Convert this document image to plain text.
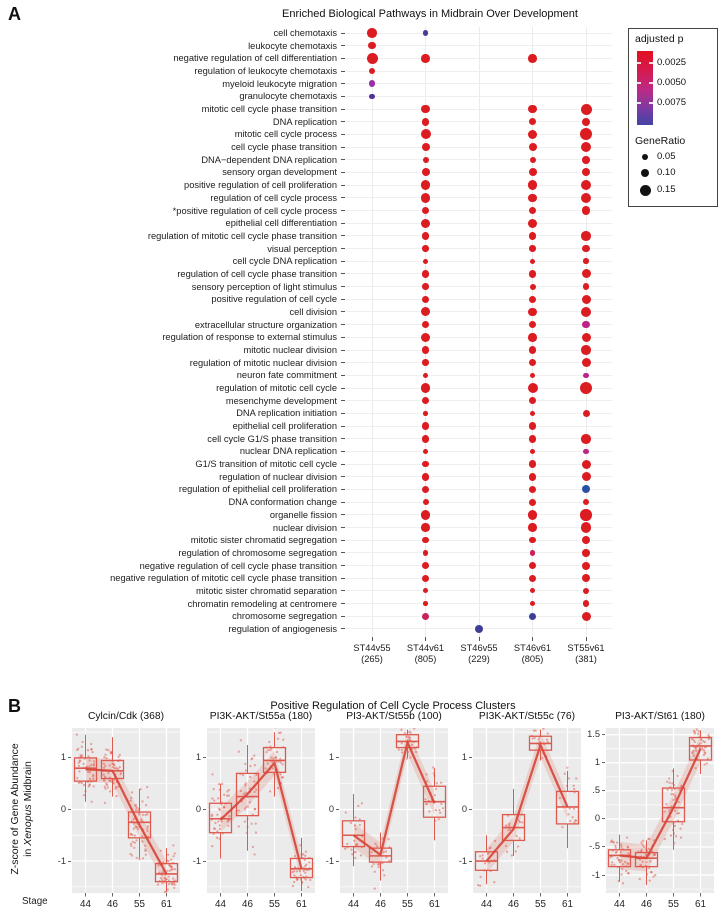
A	Enriched Biological Pathways in Midbrain Over Development
cell chemotaxis
leukocyte chemotaxis
negative regulation of cell differentiation
regulation of leukocyte chemotaxis
myeloid leukocyte migration
granulocyte chemotaxis
mitotic cell cycle phase transition
DNA replication
mitotic cell cycle process
cell cycle phase transition
DNA−dependent DNA replication
sensory organ development
positive regulation of cell proliferation
regulation of cell cycle process
*positive regulation of cell cycle process
epithelial cell differentiation
regulation of mitotic cell cycle phase transition
visual perception
cell cycle DNA replication
regulation of cell cycle phase transition
sensory perception of light stimulus
positive regulation of cell cycle
cell division
extracellular structure organization
regulation of response to external stimulus
mitotic nuclear division
regulation of mitotic nuclear division
neuron fate commitment
regulation of mitotic cell cycle
mesenchyme development
DNA replication initiation
epithelial cell proliferation
cell cycle G1/S phase transition
nuclear DNA replication
G1/S transition of mitotic cell cycle
regulation of nuclear division
regulation of epithelial cell proliferation
DNA conformation change
organelle fission
nuclear division
mitotic sister chromatid segregation
regulation of chromosome segregation
negative regulation of cell cycle phase transition
negative regulation of mitotic cell cycle phase transition
mitotic sister chromatid separation
chromatin remodeling at centromere
chromosome segregation
regulation of angiogenesis
ST44v55
(265)
ST44v61
(805)
ST46v55
(229)
ST46v61
(805)
ST55v61
(381)
adjusted p
0.0025
0.0050
0.0075
GeneRatio
0.05
0.10
0.15
B	Positive Regulation of Cell Cycle Process Clusters
Z-score of Gene Abundance
in Xenopus Midbrain
Stage
Cylcin/Cdk (368)
1
0
-1
44	46	55	61
PI3K-AKT/St55a (180)
1
0
-1
44	46	55	61
PI3-AKT/St55b (100)
1
0
-1
44	46	55	61
PI3K-AKT/St55c (76)
1
0
-1
44	46	55	61
PI3-AKT/St61 (180)
1.5
1
.5
0
-.5
-1
44	46	55	61
